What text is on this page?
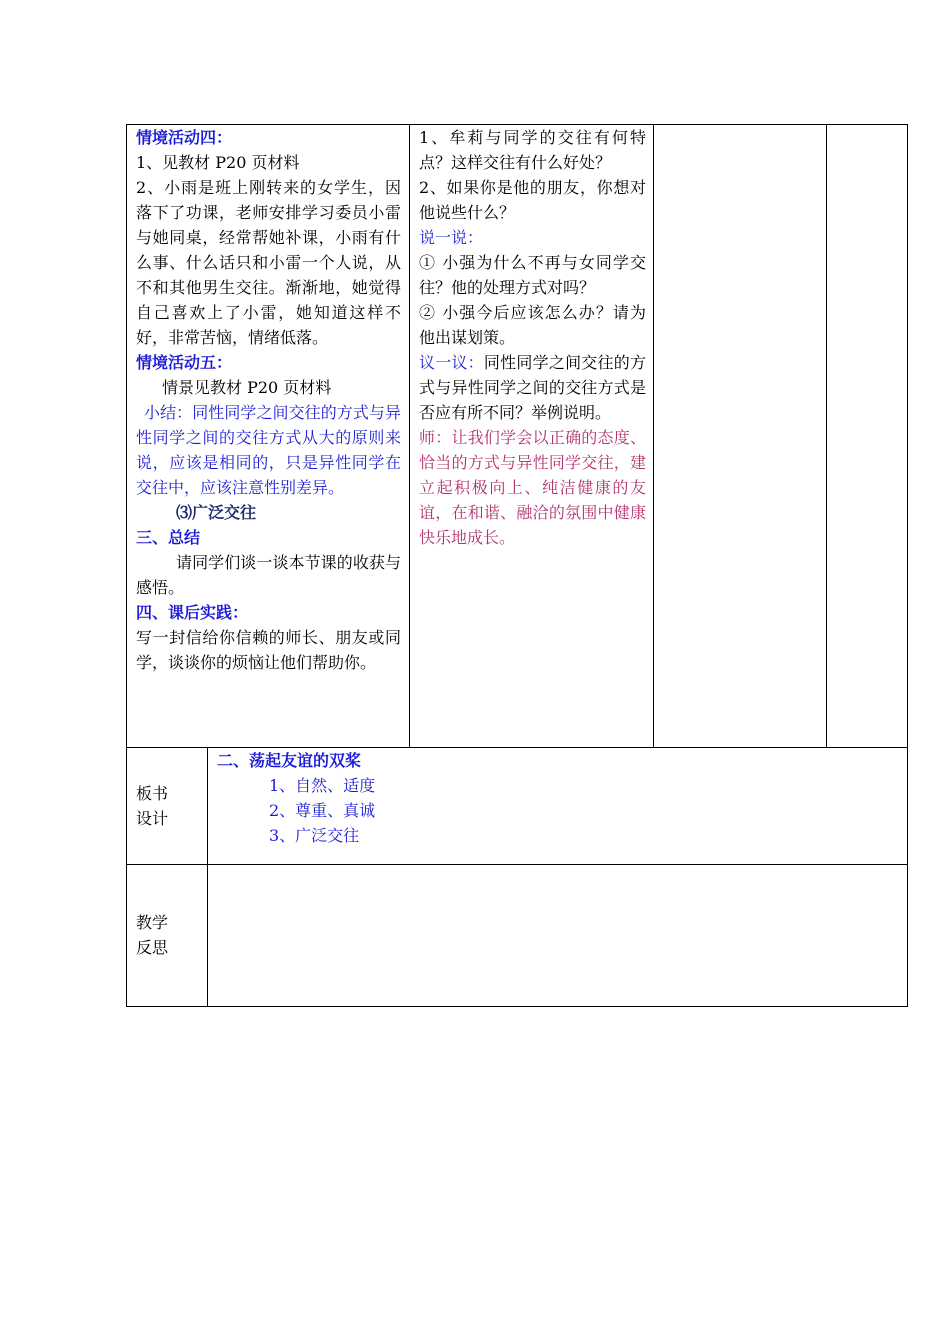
情境活动四：

1、见教材 P20 页材料

2、小雨是班上刚转来的女学生，因落下了功课，老师安排学习委员小雷与她同桌，经常帮她补课，小雨有什么事、什么话只和小雷一个人说，从不和其他男生交往。渐渐地，她觉得自己喜欢上了小雷，她知道这样不好，非常苦恼，情绪低落。

情境活动五：

情景见教材 P20 页材料

小结：同性同学之间交往的方式与异性同学之间的交往方式从大的原则来说，应该是相同的，只是异性同学在交往中，应该注意性别差异。

⑶广泛交往

三、总结

请同学们谈一谈本节课的收获与感悟。

四、课后实践：

写一封信给你信赖的师长、朋友或同学，谈谈你的烦恼让他们帮助你。

1、牟莉与同学的交往有何特点？这样交往有什么好处？

2、如果你是他的朋友，你想对他说些什么？

说一说：

① 小强为什么不再与女同学交往？他的处理方式对吗？

② 小强今后应该怎么办？请为他出谋划策。

议一议：同性同学之间交往的方式与异性同学之间的交往方式是否应有所不同？举例说明。

师：让我们学会以正确的态度、恰当的方式与异性同学交往，建立起积极向上、纯洁健康的友谊，在和谐、融洽的氛围中健康快乐地成长。

板书

设计

二、荡起友谊的双桨

1、自然、适度

2、尊重、真诚

3、广泛交往

教学

反思
